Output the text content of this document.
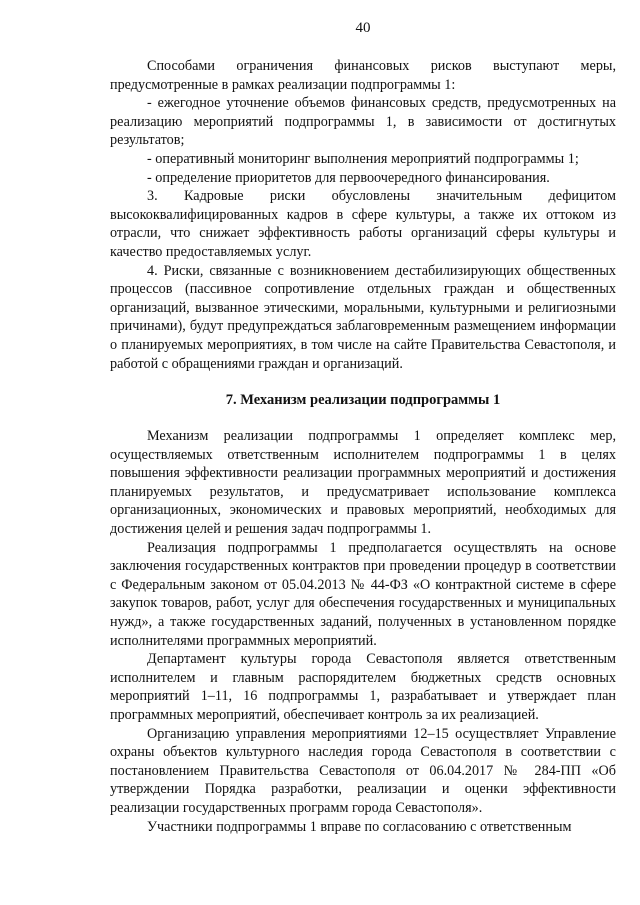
40

Способами ограничения финансовых рисков выступают меры, предусмотренные в рамках реализации подпрограммы 1:

- ежегодное уточнение объемов финансовых средств, предусмотренных на реализацию мероприятий подпрограммы 1, в зависимости от достигнутых результатов;

- оперативный мониторинг выполнения мероприятий подпрограммы 1;

- определение приоритетов для первоочередного финансирования.

3. Кадровые риски обусловлены значительным дефицитом высококвалифицированных кадров в сфере культуры, а также их оттоком из отрасли, что снижает эффективность работы организаций сферы культуры и качество предоставляемых услуг.

4. Риски, связанные с возникновением дестабилизирующих общественных процессов (пассивное сопротивление отдельных граждан и общественных организаций, вызванное этическими, моральными, культурными и религиозными причинами), будут предупреждаться заблаговременным размещением информации о планируемых мероприятиях, в том числе на сайте Правительства Севастополя, и работой с обращениями граждан и организаций.

7. Механизм реализации подпрограммы 1

Механизм реализации подпрограммы 1 определяет комплекс мер, осуществляемых ответственным исполнителем подпрограммы 1 в целях повышения эффективности реализации программных мероприятий и достижения планируемых результатов, и предусматривает использование комплекса организационных, экономических и правовых мероприятий, необходимых для достижения целей и решения задач подпрограммы 1.

Реализация подпрограммы 1 предполагается осуществлять на основе заключения государственных контрактов при проведении процедур в соответствии с Федеральным законом от 05.04.2013 № 44-ФЗ «О контрактной системе в сфере закупок товаров, работ, услуг для обеспечения государственных и муниципальных нужд», а также государственных заданий, полученных в установленном порядке исполнителями программных мероприятий.

Департамент культуры города Севастополя является ответственным исполнителем и главным распорядителем бюджетных средств основных мероприятий 1–11, 16 подпрограммы 1, разрабатывает и утверждает план программных мероприятий, обеспечивает контроль за их реализацией.

Организацию управления мероприятиями 12–15 осуществляет Управление охраны объектов культурного наследия города Севастополя в соответствии с постановлением Правительства Севастополя от 06.04.2017 № 284-ПП «Об утверждении Порядка разработки, реализации и оценки эффективности реализации государственных программ города Севастополя».

Участники подпрограммы 1 вправе по согласованию с ответственным
